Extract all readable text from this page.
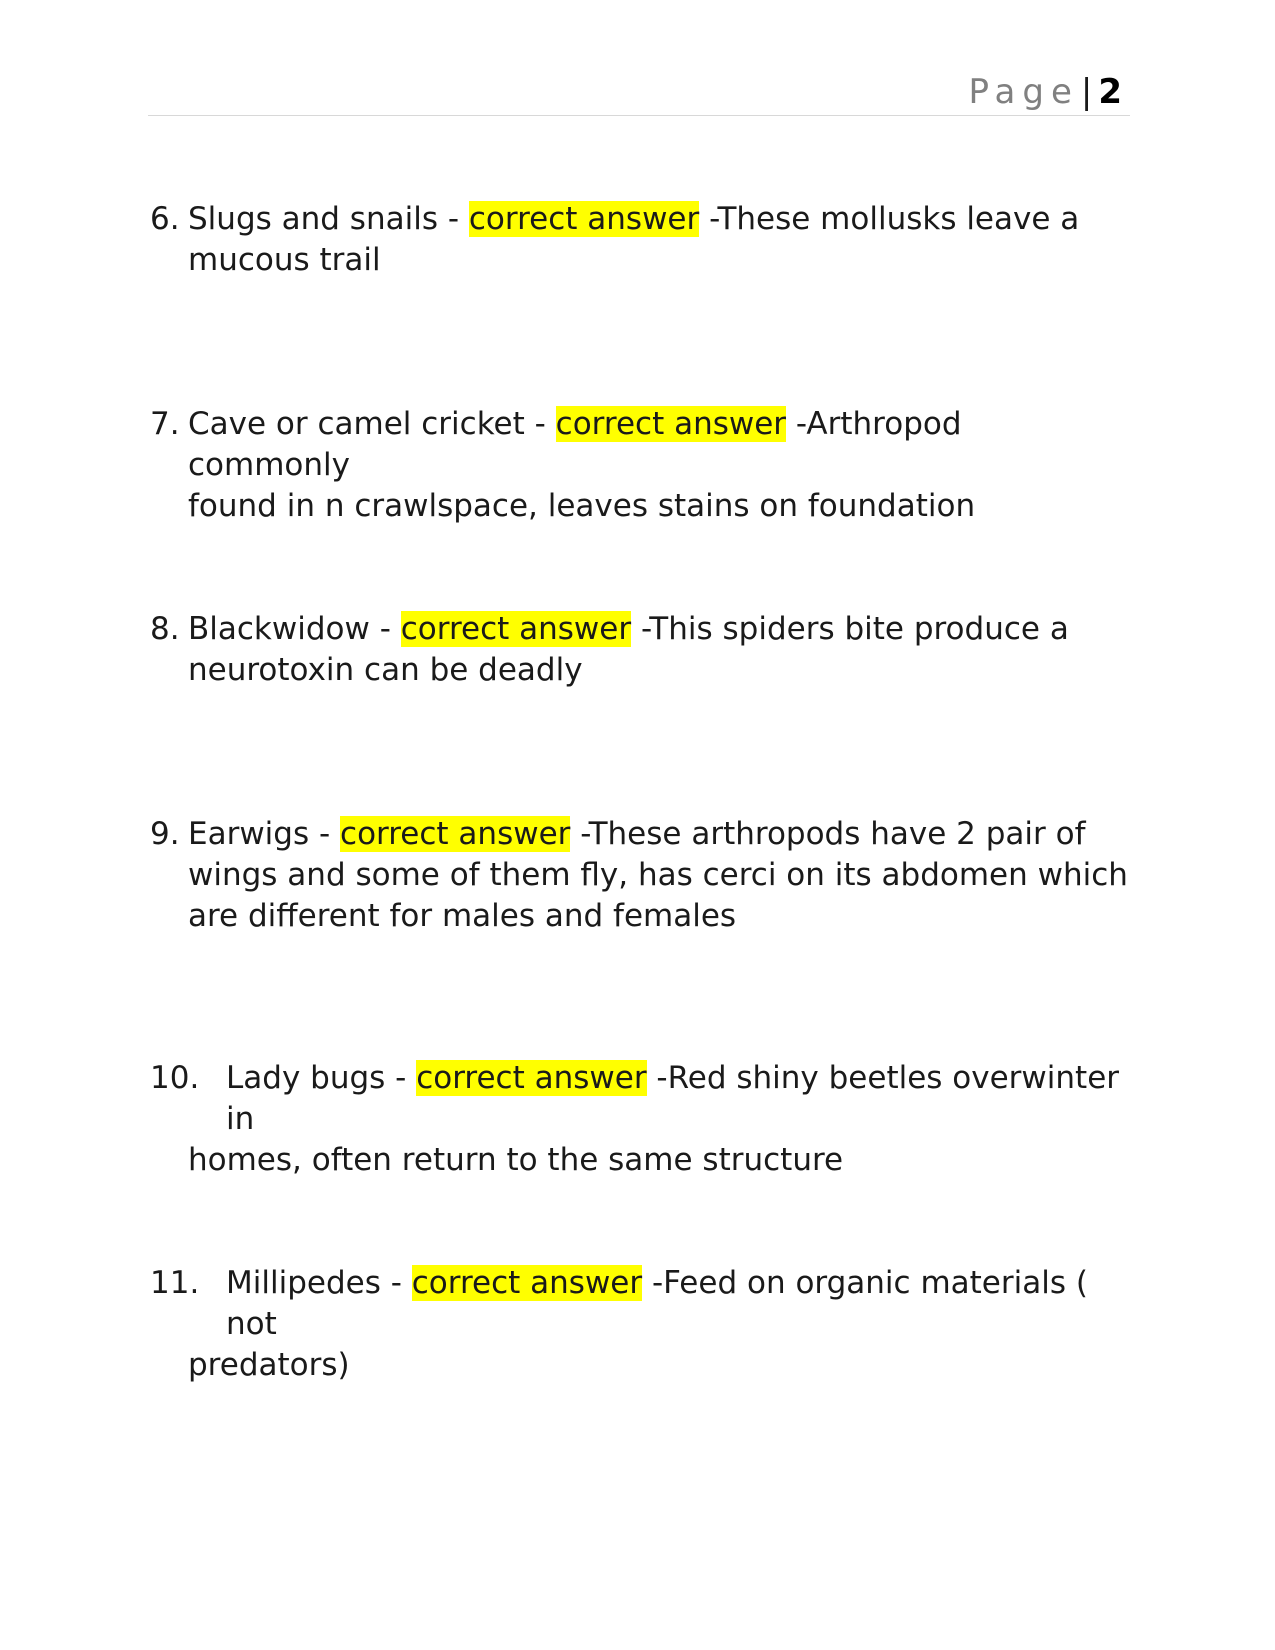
Page| 2
6. Slugs and snails - correct answer -These mollusks leave a
mucous trail
7. Cave or camel cricket - correct answer -Arthropod commonly
found in n crawlspace, leaves stains on foundation
8. Blackwidow - correct answer -This spiders bite produce a
neurotoxin can be deadly
9. Earwigs - correct answer -These arthropods have 2 pair of
wings and some of them fly, has cerci on its abdomen which
are different for males and females
10. Lady bugs - correct answer -Red shiny beetles overwinter in
homes, often return to the same structure
11. Millipedes - correct answer -Feed on organic materials ( not
predators)
